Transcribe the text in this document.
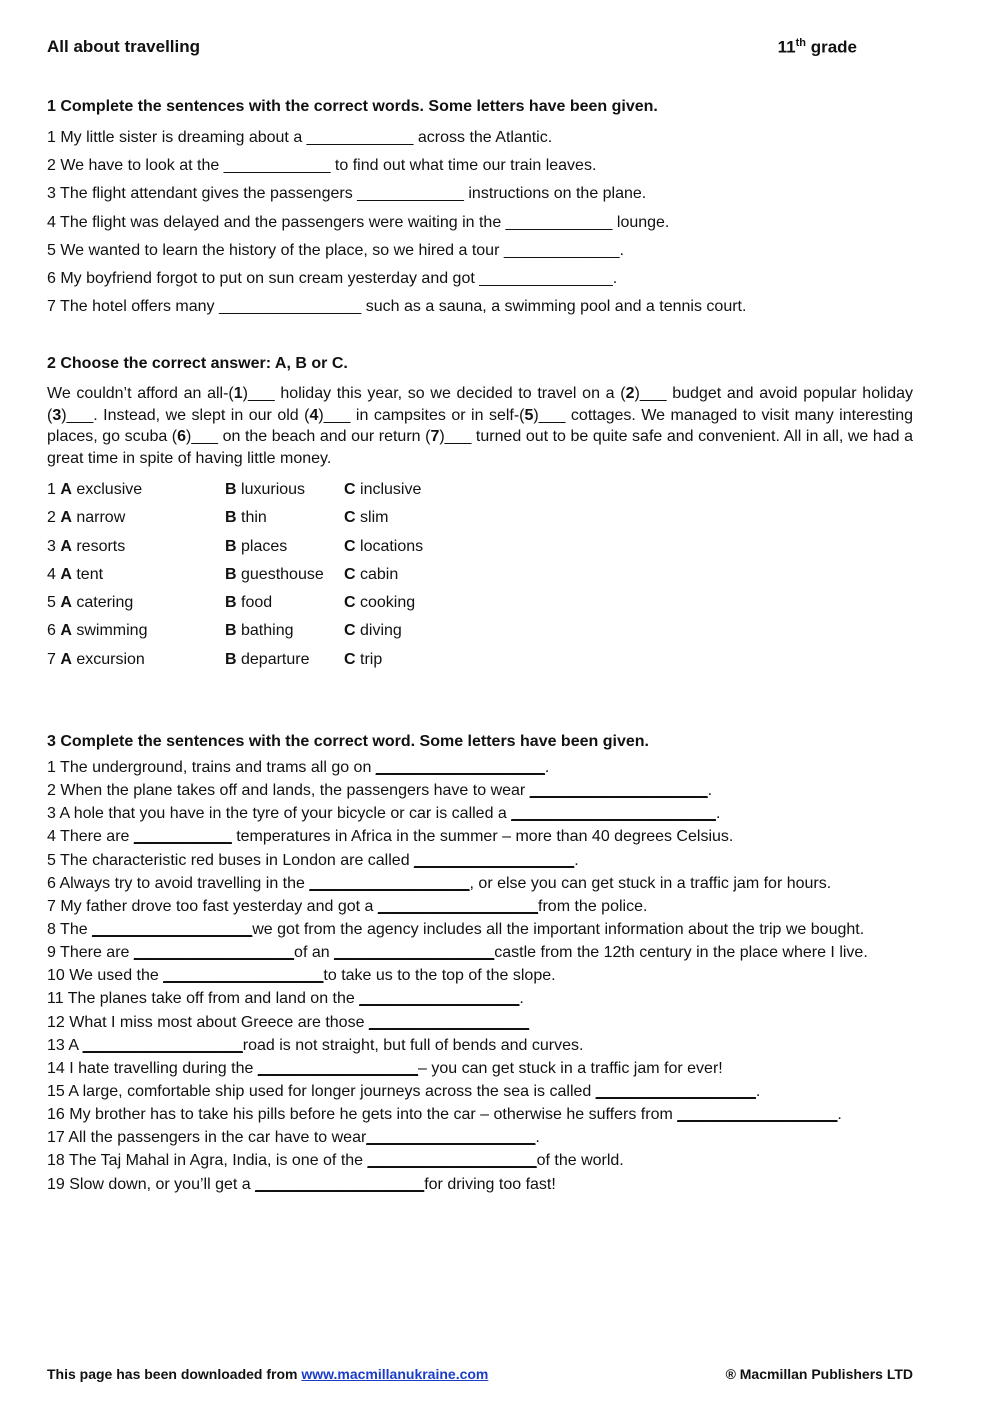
All about travelling	11th grade
1 Complete the sentences with the correct words. Some letters have been given.
1 My little sister is dreaming about a ____________ across the Atlantic.
2 We have to look at the ____________ to find out what time our train leaves.
3 The flight attendant gives the passengers ____________ instructions on the plane.
4 The flight was delayed and the passengers were waiting in the ____________ lounge.
5 We wanted to learn the history of the place, so we hired a tour _____________.
6 My boyfriend forgot to put on sun cream yesterday and got _______________.
7 The hotel offers many ________________ such as a sauna, a swimming pool and a tennis court.
2 Choose the correct answer: A, B or C.
We couldn’t afford an all-(1)___ holiday this year, so we decided to travel on a (2)___ budget and avoid popular holiday (3)___. Instead, we slept in our old (4)___ in campsites or in self-(5)___ cottages. We managed to visit many interesting places, go scuba (6)___ on the beach and our return (7)___ turned out to be quite safe and convenient. All in all, we had a great time in spite of having little money.
1 A exclusive	B luxurious C inclusive
2 A narrow	B thin	C slim
3 A resorts	B places	C locations
4 A tent	B guesthouse C cabin
5 A catering	B food	C cooking
6 A swimming	B bathing	C diving
7 A excursion	B departure C trip
3 Complete the sentences with the correct word. Some letters have been given.
1 The underground, trains and trams all go on ___________________.
2 When the plane takes off and lands, the passengers have to wear ____________________.
3 A hole that you have in the tyre of your bicycle or car is called a _______________________.
4 There are ___________ temperatures in Africa in the summer – more than 40 degrees Celsius.
5 The characteristic red buses in London are called __________________.
6 Always try to avoid travelling in the __________________, or else you can get stuck in a traffic jam for hours.
7 My father drove too fast yesterday and got a __________________from the police.
8 The __________________we got from the agency includes all the important information about the trip we bought.
9 There are __________________of an __________________castle from the 12th century in the place where I live.
10 We used the __________________to take us to the top of the slope.
11 The planes take off from and land on the __________________.
12 What I miss most about Greece are those __________________
13 A __________________road is not straight, but full of bends and curves.
14 I hate travelling during the __________________– you can get stuck in a traffic jam for ever!
15 A large, comfortable ship used for longer journeys across the sea is called __________________.
16 My brother has to take his pills before he gets into the car – otherwise he suffers from __________________.
17 All the passengers in the car have to wear___________________.
18 The Taj Mahal in Agra, India, is one of the ___________________of the world.
19 Slow down, or you’ll get a ___________________for driving too fast!
This page has been downloaded from www.macmillanukraine.com	® Macmillan Publishers LTD
